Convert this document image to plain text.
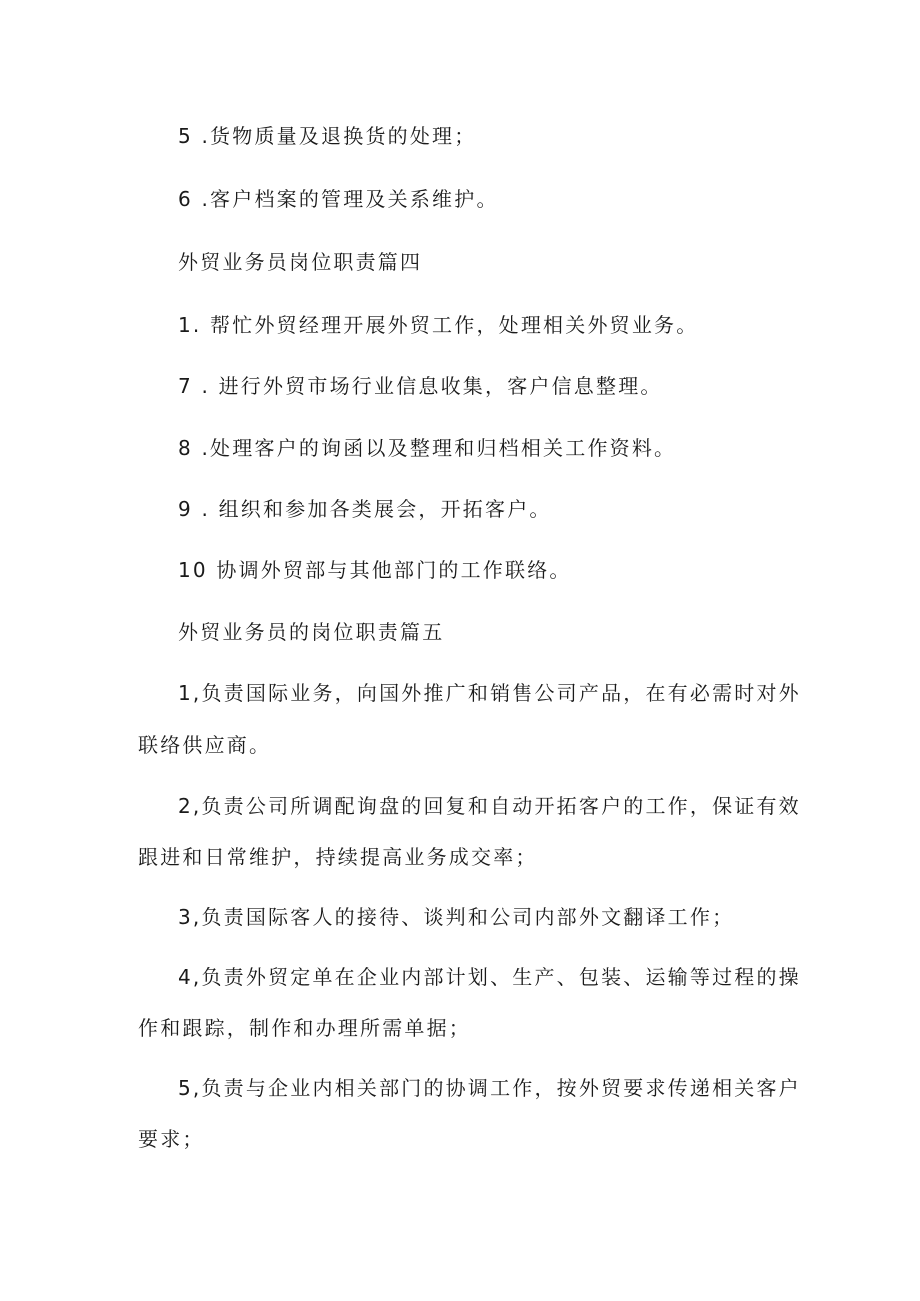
5 .货物质量及退换货的处理；
6 .客户档案的管理及关系维护。
外贸业务员岗位职责篇四
1. 帮忙外贸经理开展外贸工作，处理相关外贸业务。
7 . 进行外贸市场行业信息收集，客户信息整理。
8 .处理客户的询函以及整理和归档相关工作资料。
9 . 组织和参加各类展会，开拓客户。
10 协调外贸部与其他部门的工作联络。
外贸业务员的岗位职责篇五
1,负责国际业务，向国外推广和销售公司产品，在有必需时对外
联络供应商。
2,负责公司所调配询盘的回复和自动开拓客户的工作，保证有效
跟进和日常维护，持续提高业务成交率；
3,负责国际客人的接待、谈判和公司内部外文翻译工作；
4,负责外贸定单在企业内部计划、生产、包装、运输等过程的操
作和跟踪，制作和办理所需单据；
5,负责与企业内相关部门的协调工作，按外贸要求传递相关客户
要求；
